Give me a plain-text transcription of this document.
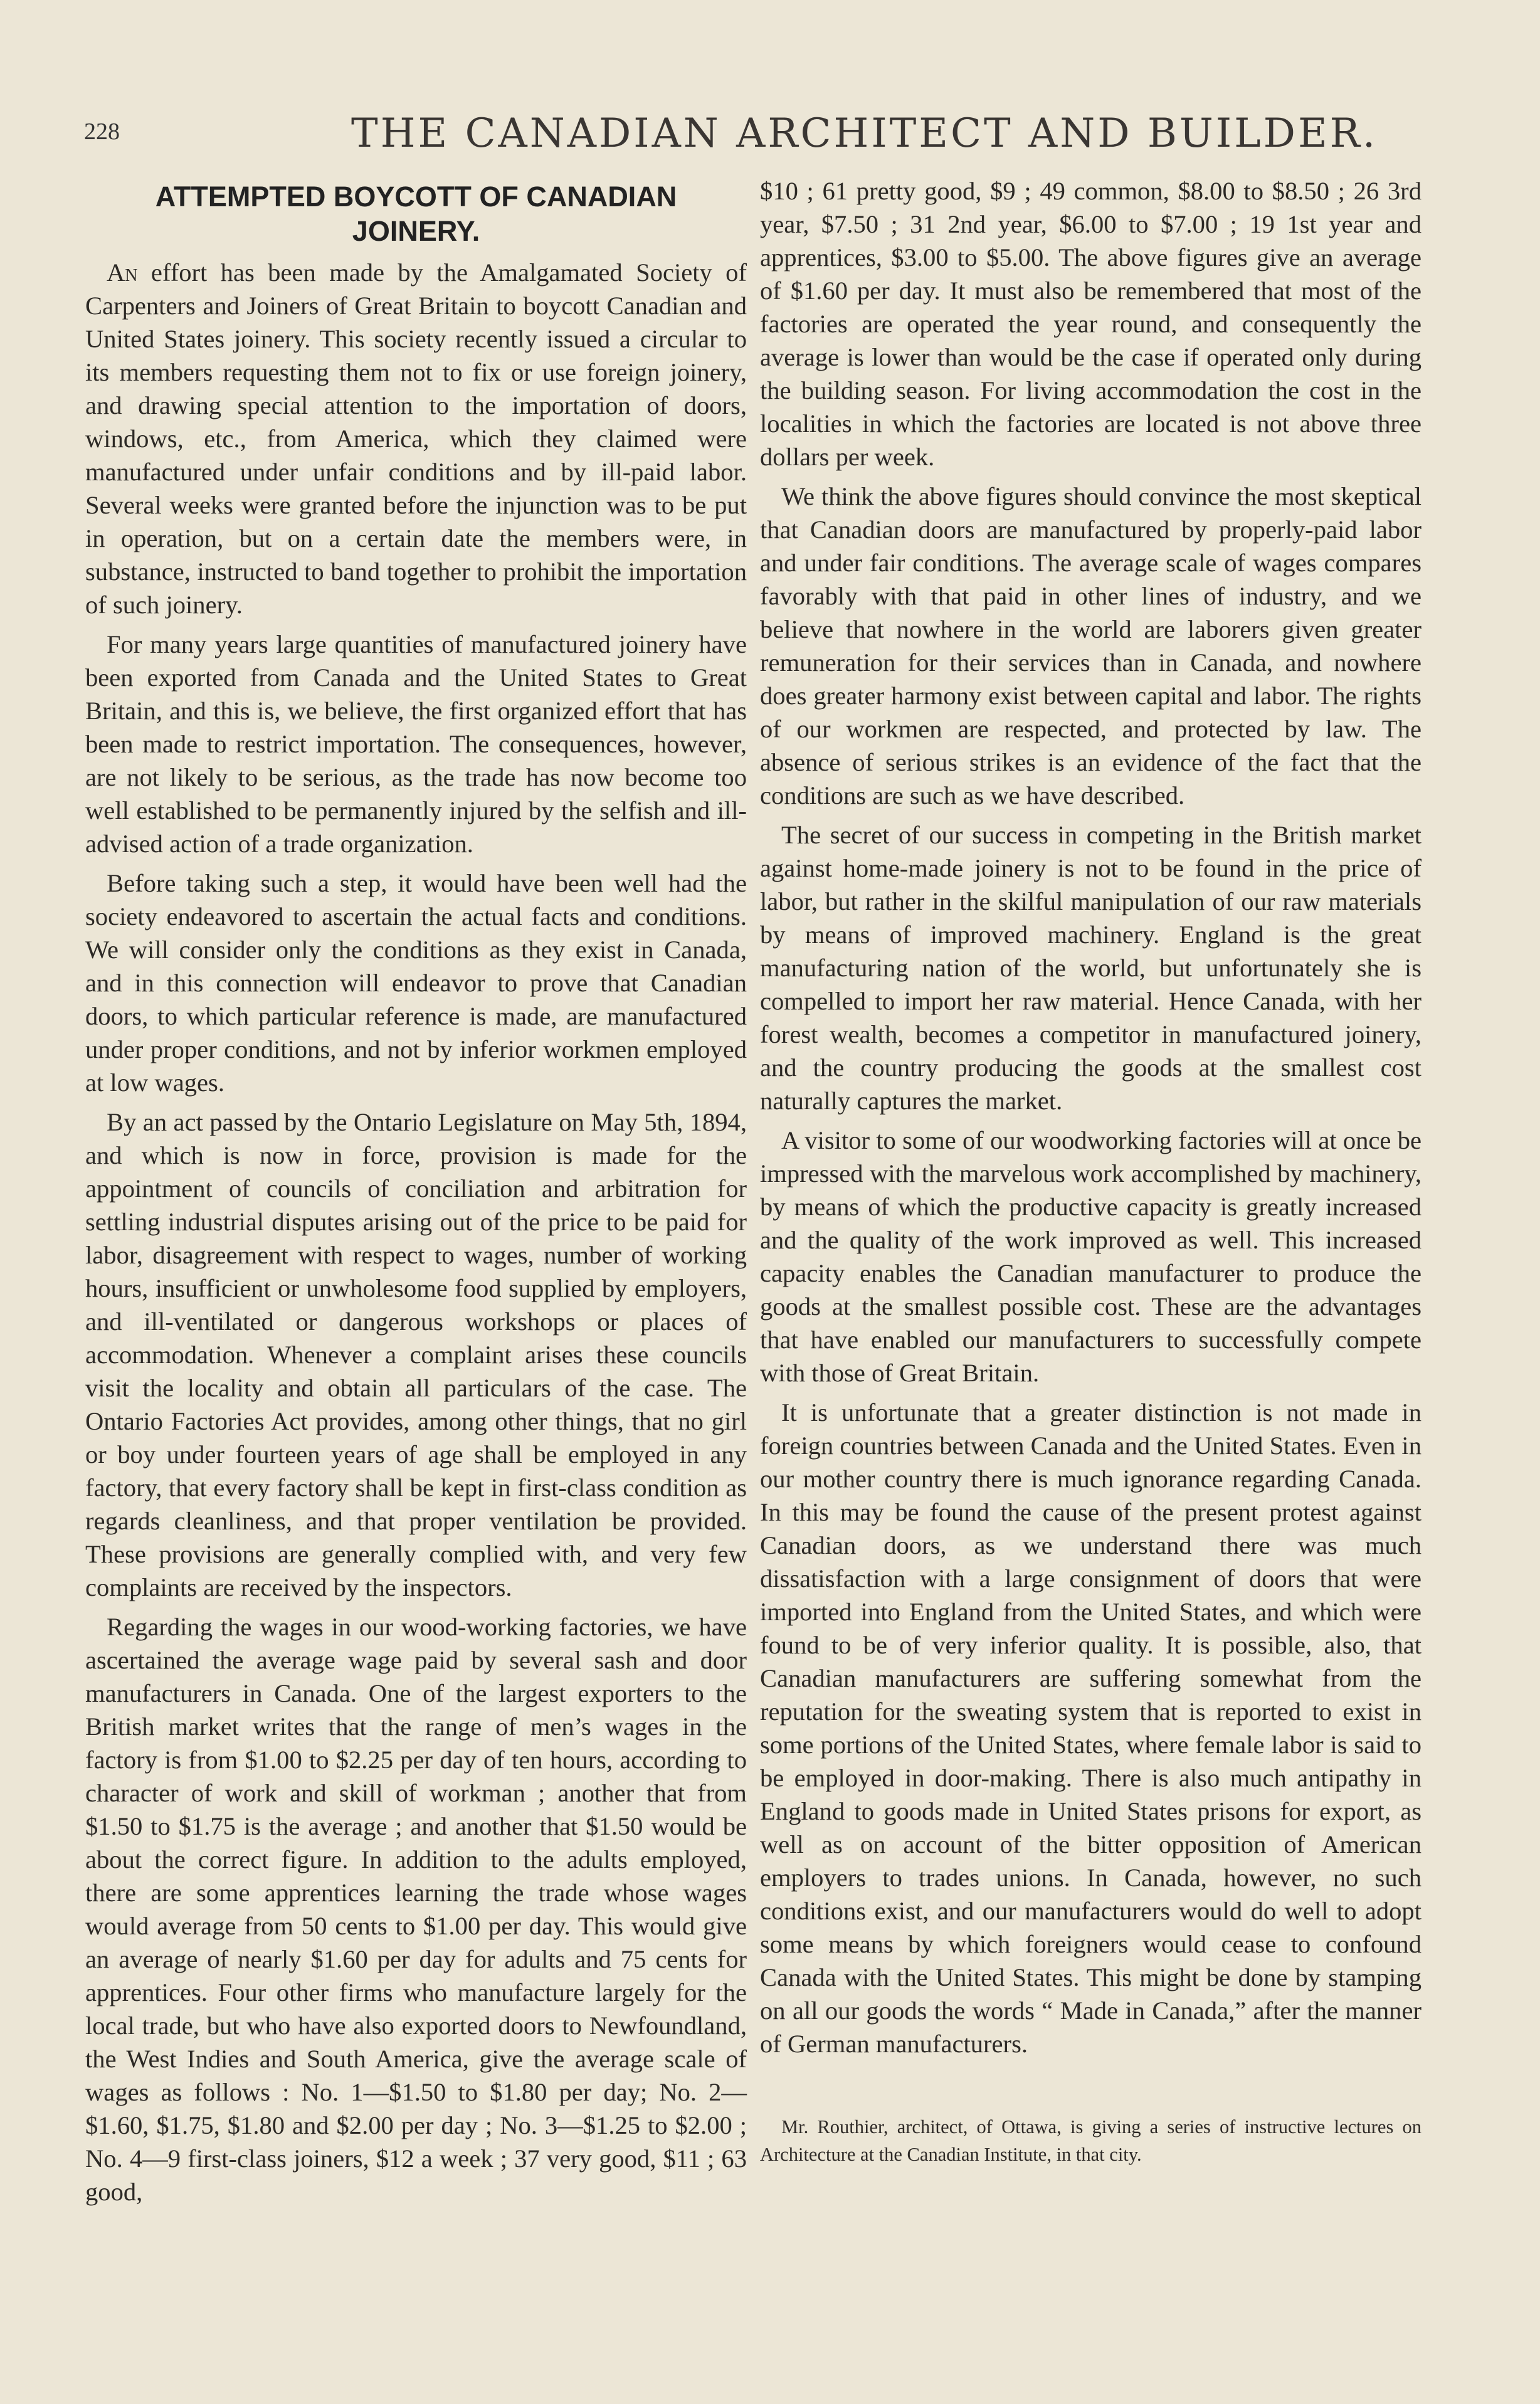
228	THE CANADIAN ARCHITECT AND BUILDER.
ATTEMPTED BOYCOTT OF CANADIAN
JOINERY.

An effort has been made by the Amalgamated Society of Carpenters and Joiners of Great Britain to boycott Canadian and United States joinery. This society recently issued a circular to its members requesting them not to fix or use foreign joinery, and drawing special attention to the importation of doors, windows, etc., from America, which they claimed were manufactured under unfair conditions and by ill-paid labor. Several weeks were granted before the injunction was to be put in operation, but on a certain date the members were, in substance, instructed to band together to prohibit the importation of such joinery.

For many years large quantities of manufactured joinery have been exported from Canada and the United States to Great Britain, and this is, we believe, the first organized effort that has been made to restrict importation. The consequences, however, are not likely to be serious, as the trade has now become too well established to be permanently injured by the selfish and ill-advised action of a trade organization.

Before taking such a step, it would have been well had the society endeavored to ascertain the actual facts and conditions. We will consider only the conditions as they exist in Canada, and in this connection will endeavor to prove that Canadian doors, to which particular reference is made, are manufactured under proper conditions, and not by inferior workmen employed at low wages.

By an act passed by the Ontario Legislature on May 5th, 1894, and which is now in force, provision is made for the appointment of councils of conciliation and arbitration for settling industrial disputes arising out of the price to be paid for labor, disagreement with respect to wages, number of working hours, insufficient or unwholesome food supplied by employers, and ill-ventilated or dangerous workshops or places of accommodation. Whenever a complaint arises these councils visit the locality and obtain all particulars of the case. The Ontario Factories Act provides, among other things, that no girl or boy under fourteen years of age shall be employed in any factory, that every factory shall be kept in first-class condition as regards cleanliness, and that proper ventilation be provided. These provisions are generally complied with, and very few complaints are received by the inspectors.

Regarding the wages in our wood-working factories, we have ascertained the average wage paid by several sash and door manufacturers in Canada. One of the largest exporters to the British market writes that the range of men’s wages in the factory is from $1.00 to $2.25 per day of ten hours, according to character of work and skill of workman ; another that from $1.50 to $1.75 is the average ; and another that $1.50 would be about the correct figure. In addition to the adults employed, there are some apprentices learning the trade whose wages would average from 50 cents to $1.00 per day. This would give an average of nearly $1.60 per day for adults and 75 cents for apprentices. Four other firms who manufacture largely for the local trade, but who have also exported doors to Newfoundland, the West Indies and South America, give the average scale of wages as follows : No. 1—$1.50 to $1.80 per day; No. 2—$1.60, $1.75, $1.80 and $2.00 per day ; No. 3—$1.25 to $2.00 ; No. 4—9 first-class joiners, $12 a week ; 37 very good, $11 ; 63 good,

$10 ; 61 pretty good, $9 ; 49 common, $8.00 to $8.50 ; 26 3rd year, $7.50 ; 31 2nd year, $6.00 to $7.00 ; 19 1st year and apprentices, $3.00 to $5.00. The above figures give an average of $1.60 per day. It must also be remembered that most of the factories are operated the year round, and consequently the average is lower than would be the case if operated only during the building season. For living accommodation the cost in the localities in which the factories are located is not above three dollars per week.

We think the above figures should convince the most skeptical that Canadian doors are manufactured by properly-paid labor and under fair conditions. The average scale of wages compares favorably with that paid in other lines of industry, and we believe that nowhere in the world are laborers given greater remuneration for their services than in Canada, and nowhere does greater harmony exist between capital and labor. The rights of our workmen are respected, and protected by law. The absence of serious strikes is an evidence of the fact that the conditions are such as we have described.

The secret of our success in competing in the British market against home-made joinery is not to be found in the price of labor, but rather in the skilful manipulation of our raw materials by means of improved machinery. England is the great manufacturing nation of the world, but unfortunately she is compelled to import her raw material. Hence Canada, with her forest wealth, becomes a competitor in manufactured joinery, and the country producing the goods at the smallest cost naturally captures the market.

A visitor to some of our woodworking factories will at once be impressed with the marvelous work accomplished by machinery, by means of which the productive capacity is greatly increased and the quality of the work improved as well. This increased capacity enables the Canadian manufacturer to produce the goods at the smallest possible cost. These are the advantages that have enabled our manufacturers to successfully compete with those of Great Britain.

It is unfortunate that a greater distinction is not made in foreign countries between Canada and the United States. Even in our mother country there is much ignorance regarding Canada. In this may be found the cause of the present protest against Canadian doors, as we understand there was much dissatisfaction with a large consignment of doors that were imported into England from the United States, and which were found to be of very inferior quality. It is possible, also, that Canadian manufacturers are suffering somewhat from the reputation for the sweating system that is reported to exist in some portions of the United States, where female labor is said to be employed in door-making. There is also much antipathy in England to goods made in United States prisons for export, as well as on account of the bitter opposition of American employers to trades unions. In Canada, however, no such conditions exist, and our manufacturers would do well to adopt some means by which foreigners would cease to confound Canada with the United States. This might be done by stamping on all our goods the words “ Made in Canada,” after the manner of German manufacturers.

Mr. Routhier, architect, of Ottawa, is giving a series of instructive lectures on Architecture at the Canadian Institute, in that city.
